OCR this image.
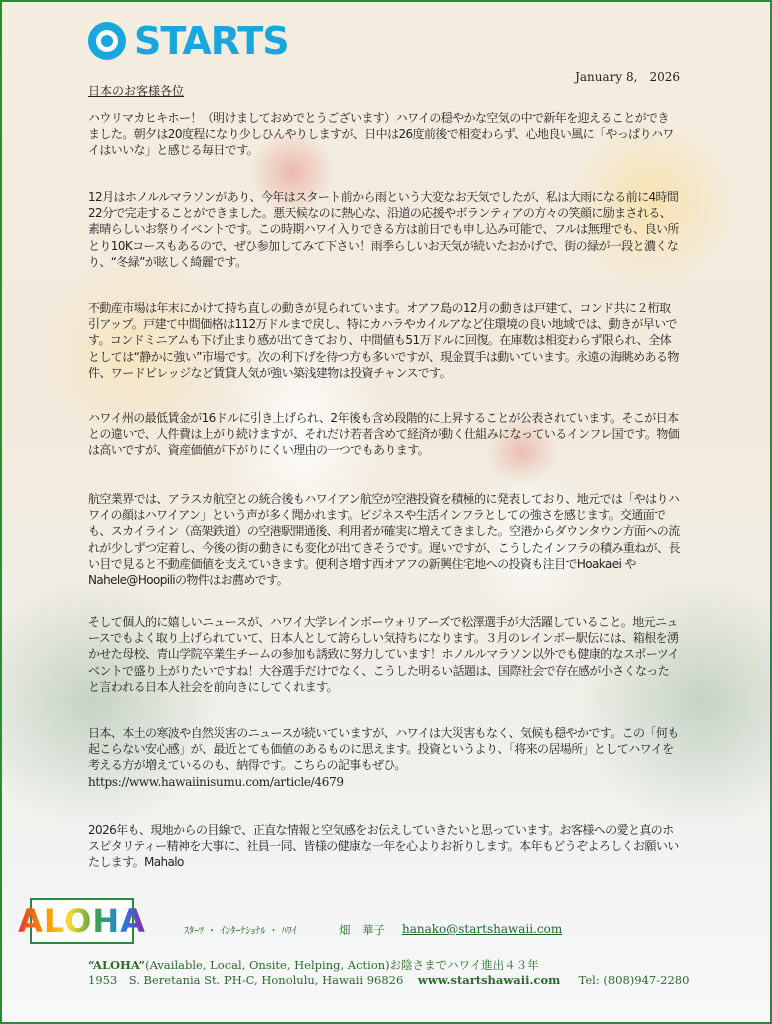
STARTS
January 8,　2026
日本のお客様各位

ハウリマカヒキホー！（明けましておめでとうございます）ハワイの穏やかな空気の中で新年を迎えることができました。朝夕は20度程になり少しひんやりしますが、日中は26度前後で相変わらず、心地良い風に「やっぱりハワイはいいな」と感じる毎日です。

12月はホノルルマラソンがあり、今年はスタート前から雨という大変なお天気でしたが、私は大雨になる前に4時間22分で完走することができました。悪天候なのに熱心な、沿道の応援やボランティアの方々の笑顔に励まされる、素晴らしいお祭りイベントです。この時期ハワイ入りできる方は前日でも申し込み可能で、フルは無理でも、良い所とり10Kコースもあるので、ぜひ参加してみて下さい！雨季らしいお天気が続いたおかげで、街の緑が一段と濃くなり、“冬緑”が眩しく綺麗です。

不動産市場は年末にかけて持ち直しの動きが見られています。オアフ島の12月の動きは戸建て、コンド共に２桁取引アップ。戸建て中間価格は112万ドルまで戻し、特にカハラやカイルアなど住環境の良い地域では、動きが早いです。コンドミニアムも下げ止まり感が出てきており、中間値も51万ドルに回復。在庫数は相変わらず限られ、全体としては“静かに強い”市場です。次の利下げを待つ方も多いですが、現金買手は動いています。永遠の海眺めある物件、ワードビレッジなど賃貸人気が強い築浅建物は投資チャンスです。

ハワイ州の最低賃金が16ドルに引き上げられ、2年後も含め段階的に上昇することが公表されています。そこが日本との違いで、人件費は上がり続けますが、それだけ若者含めて経済が動く仕組みになっているインフレ国です。物価は高いですが、資産価値が下がりにくい理由の一つでもあります。

航空業界では、アラスカ航空との統合後もハワイアン航空が空港投資を積極的に発表しており、地元では「やはりハワイの顔はハワイアン」という声が多く聞かれます。ビジネスや生活インフラとしての強さを感じます。交通面でも、スカイライン（高架鉄道）の空港駅開通後、利用者が確実に増えてきました。空港からダウンタウン方面への流れが少しずつ定着し、今後の街の動きにも変化が出てきそうです。遅いですが、こうしたインフラの積み重ねが、長い目で見ると不動産価値を支えていきます。便利さ増す西オアフの新興住宅地への投資も注目でHoakaei や Nahele@Hoopiliの物件はお薦めです。

そして個人的に嬉しいニュースが、ハワイ大学レインボーウォリアーズで松澤選手が大活躍していること。地元ニュースでもよく取り上げられていて、日本人として誇らしい気持ちになります。３月のレインボー駅伝には、箱根を湧かせた母校、青山学院卒業生チームの参加も誘致に努力しています！ホノルルマラソン以外でも健康的なスポーツイベントで盛り上がりたいですね！大谷選手だけでなく、こうした明るい話題は、国際社会で存在感が小さくなったと言われる日本人社会を前向きにしてくれます。

日本、本土の寒波や自然災害のニュースが続いていますが、ハワイは大災害もなく、気候も穏やかです。この「何も起こらない安心感」が、最近とても価値のあるものに思えます。投資というより、「将来の居場所」としてハワイを考える方が増えているのも、納得です。こちらの記事もぜひ。
https://www.hawaiinisumu.com/article/4679

2026年も、現地からの目線で、正直な情報と空気感をお伝えしていきたいと思っています。お客様への愛と真のホスピタリティー精神を大事に、社員一同、皆様の健康な一年を心よりお祈りします。本年もどうぞよろしくお願いいたします。Mahalo

ALOHA	ｽﾀｰﾂ ・ ｲﾝﾀｰﾅｼｮﾅﾙ ・ ﾊﾜｲ	畑　華子 hanako@startshawaii.com
“ALOHA”(Available, Local, Onsite, Helping, Action)お陰さまでハワイ進出４３年
1953　S. Beretania St. PH-C, Honolulu, Hawaii 96826 www.startshawaii.com Tel: (808)947-2280
